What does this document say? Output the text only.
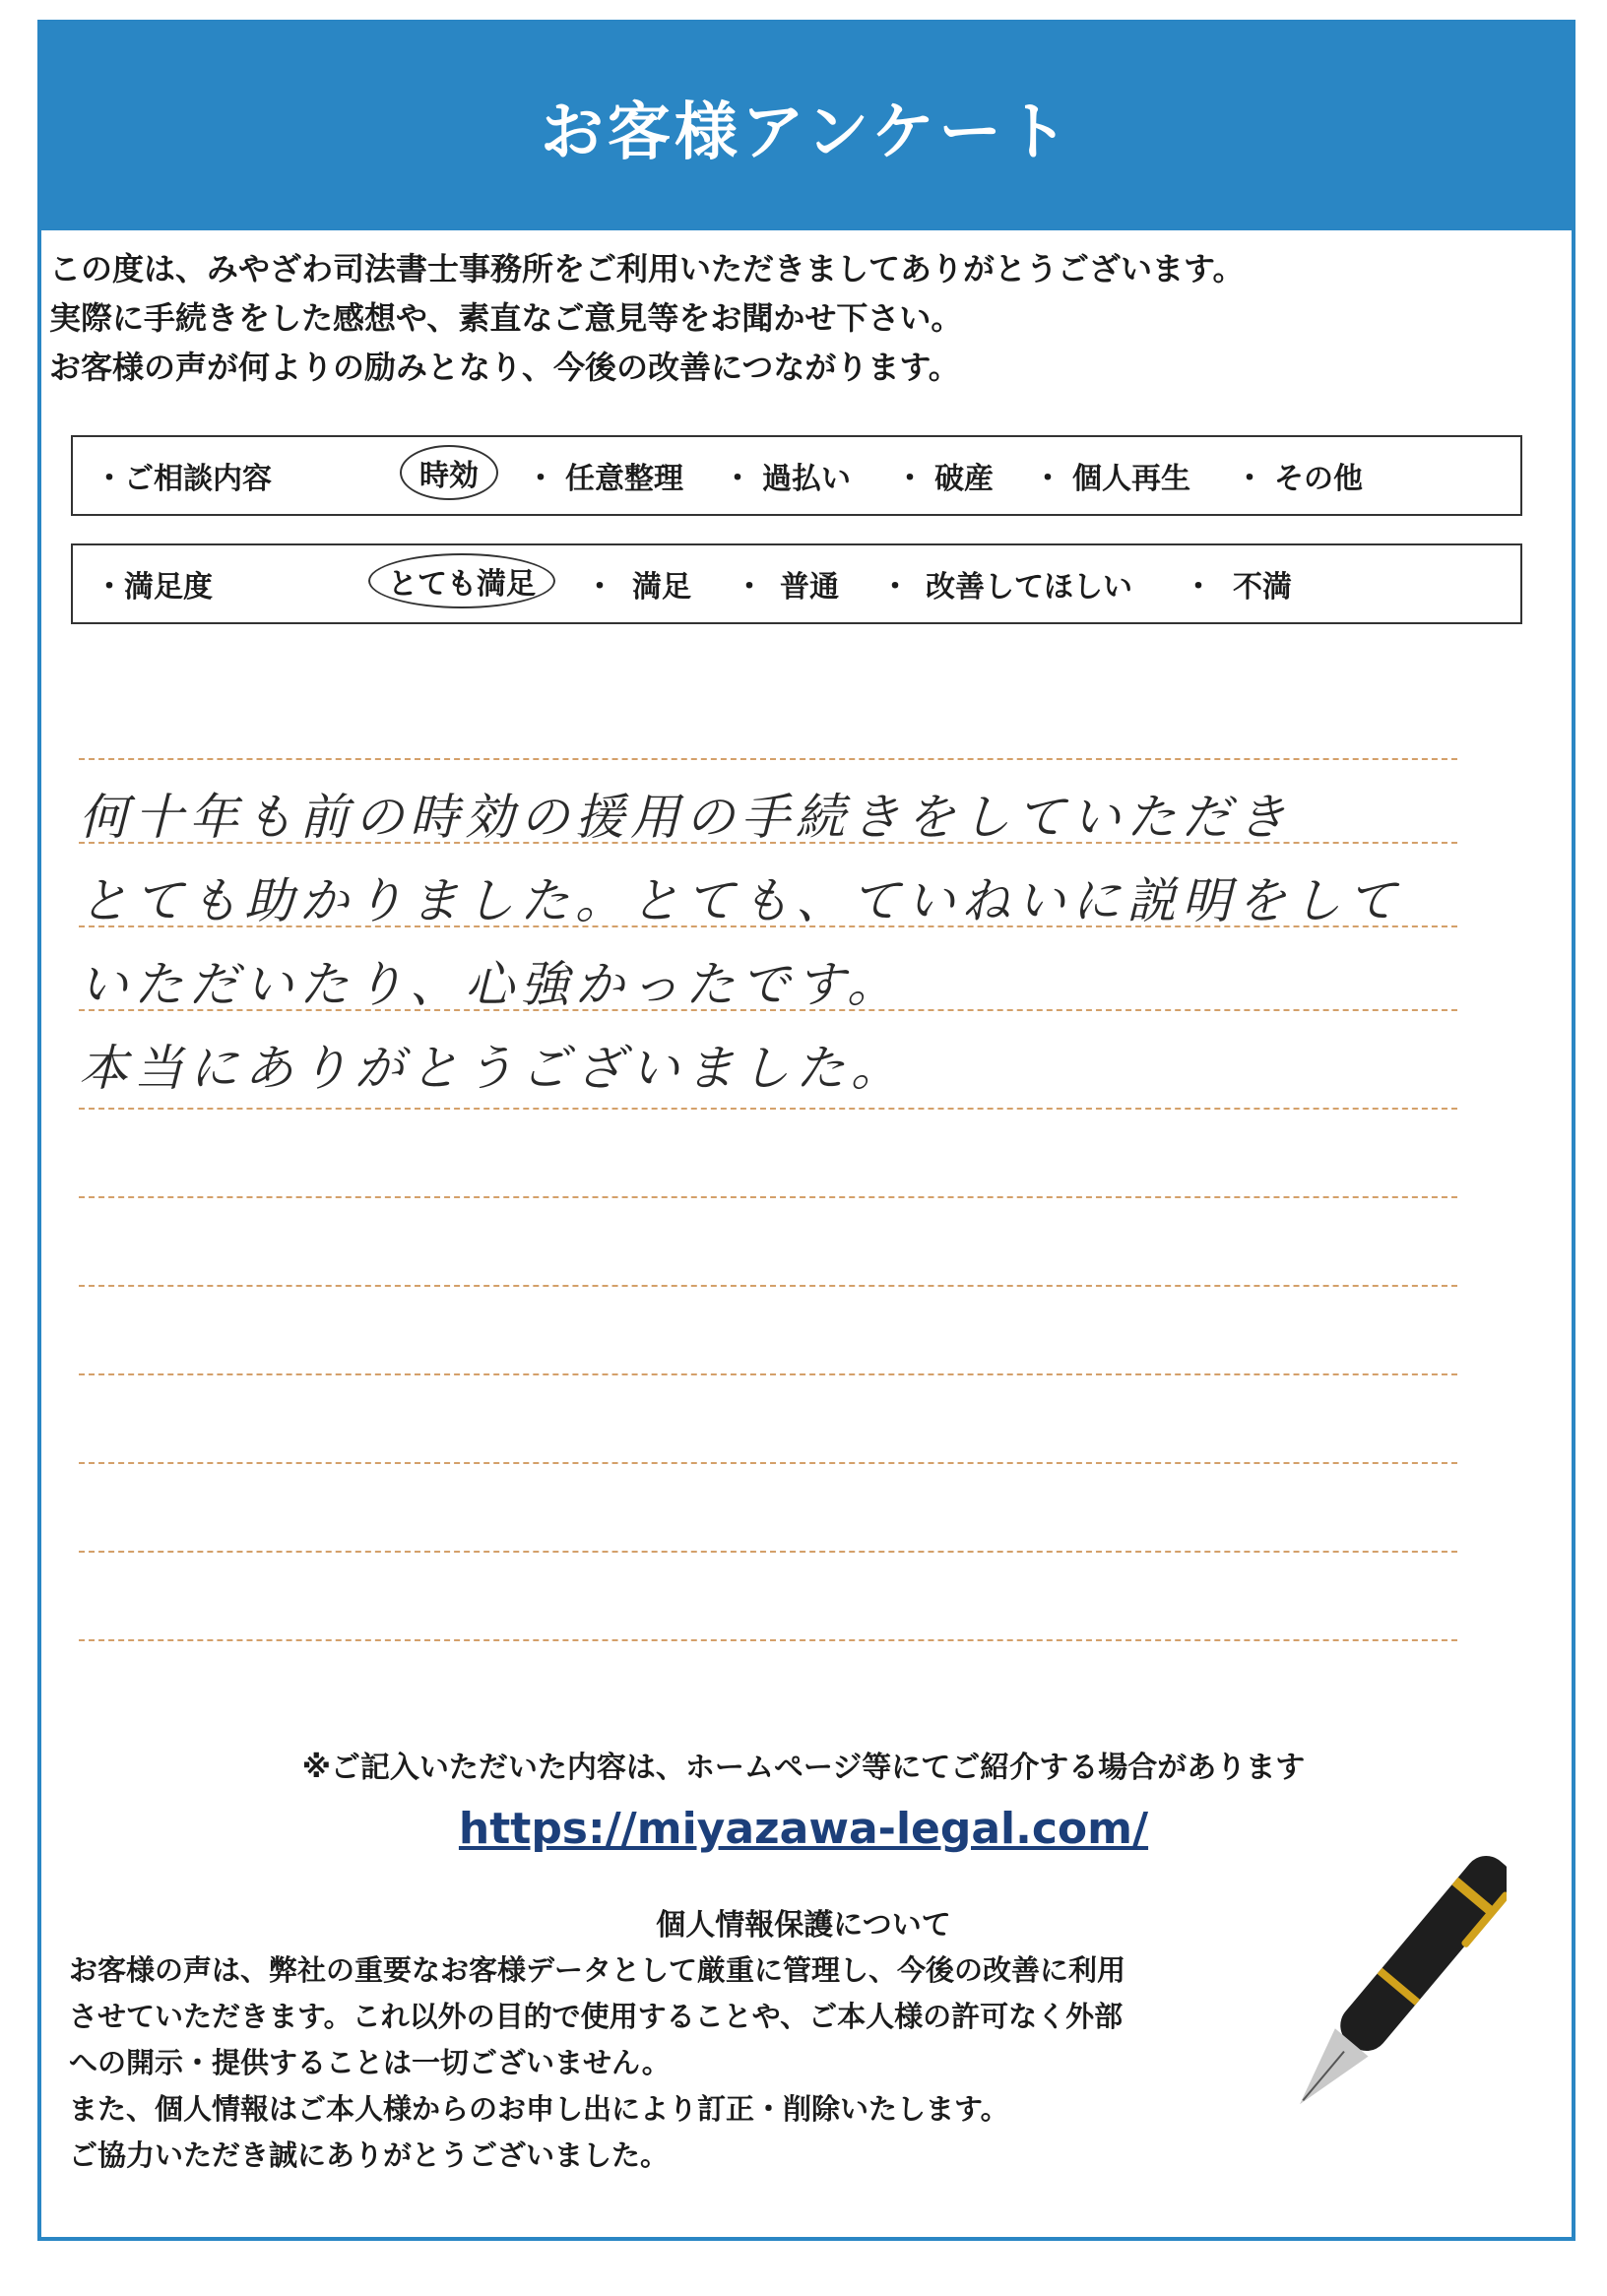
お客様アンケート
この度は、みやざわ司法書士事務所をご利用いただきましてありがとうございます。
実際に手続きをした感想や、素直なご意見等をお聞かせ下さい。
お客様の声が何よりの励みとなり、今後の改善につながります。
・ご相談内容	時効	・ 任意整理 ・ 過払い ・ 破産 ・ 個人再生 ・ その他
・満足度	とても満足	・ 満足 ・ 普通 ・ 改善してほしい ・ 不満
何十年も前の時効の援用の手続きをしていただき
とても助かりました。とても、ていねいに説明をして
いただいたり、心強かったです。
本当にありがとうございました。
※ご記入いただいた内容は、ホームページ等にてご紹介する場合があります
https://miyazawa-legal.com/
個人情報保護について
お客様の声は、弊社の重要なお客様データとして厳重に管理し、今後の改善に利用
させていただきます。これ以外の目的で使用することや、ご本人様の許可なく外部
への開示・提供することは一切ございません。
また、個人情報はご本人様からのお申し出により訂正・削除いたします。
ご協力いただき誠にありがとうございました。
